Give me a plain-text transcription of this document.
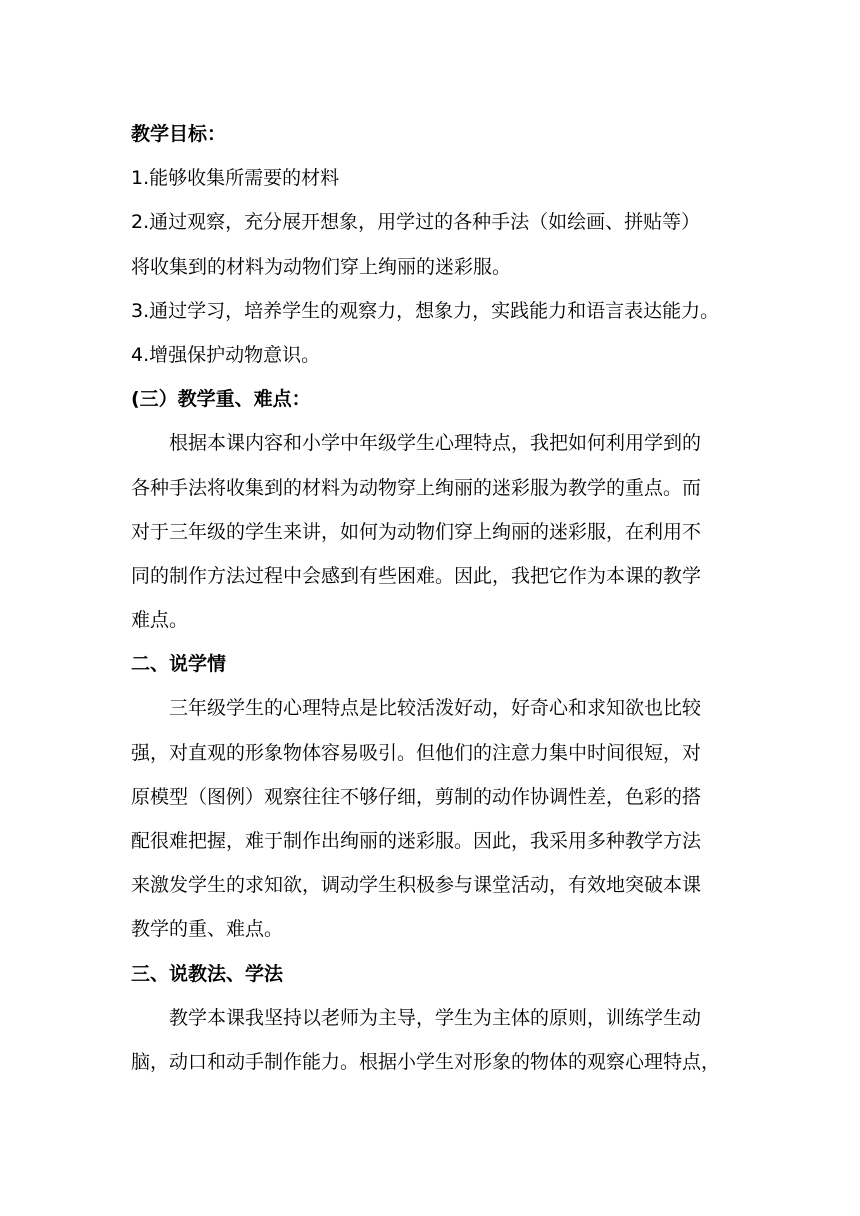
教学目标：
1.能够收集所需要的材料
2.通过观察，充分展开想象，用学过的各种手法（如绘画、拼贴等）
将收集到的材料为动物们穿上绚丽的迷彩服。
3.通过学习，培养学生的观察力，想象力，实践能力和语言表达能力。
4.增强保护动物意识。
(三）教学重、难点：
根据本课内容和小学中年级学生心理特点，我把如何利用学到的
各种手法将收集到的材料为动物穿上绚丽的迷彩服为教学的重点。而
对于三年级的学生来讲，如何为动物们穿上绚丽的迷彩服，在利用不
同的制作方法过程中会感到有些困难。因此，我把它作为本课的教学
难点。
二、说学情
三年级学生的心理特点是比较活泼好动，好奇心和求知欲也比较
强，对直观的形象物体容易吸引。但他们的注意力集中时间很短，对
原模型（图例）观察往往不够仔细，剪制的动作协调性差，色彩的搭
配很难把握，难于制作出绚丽的迷彩服。因此，我采用多种教学方法
来激发学生的求知欲，调动学生积极参与课堂活动，有效地突破本课
教学的重、难点。
三、说教法、学法
教学本课我坚持以老师为主导，学生为主体的原则，训练学生动
脑，动口和动手制作能力。根据小学生对形象的物体的观察心理特点，
